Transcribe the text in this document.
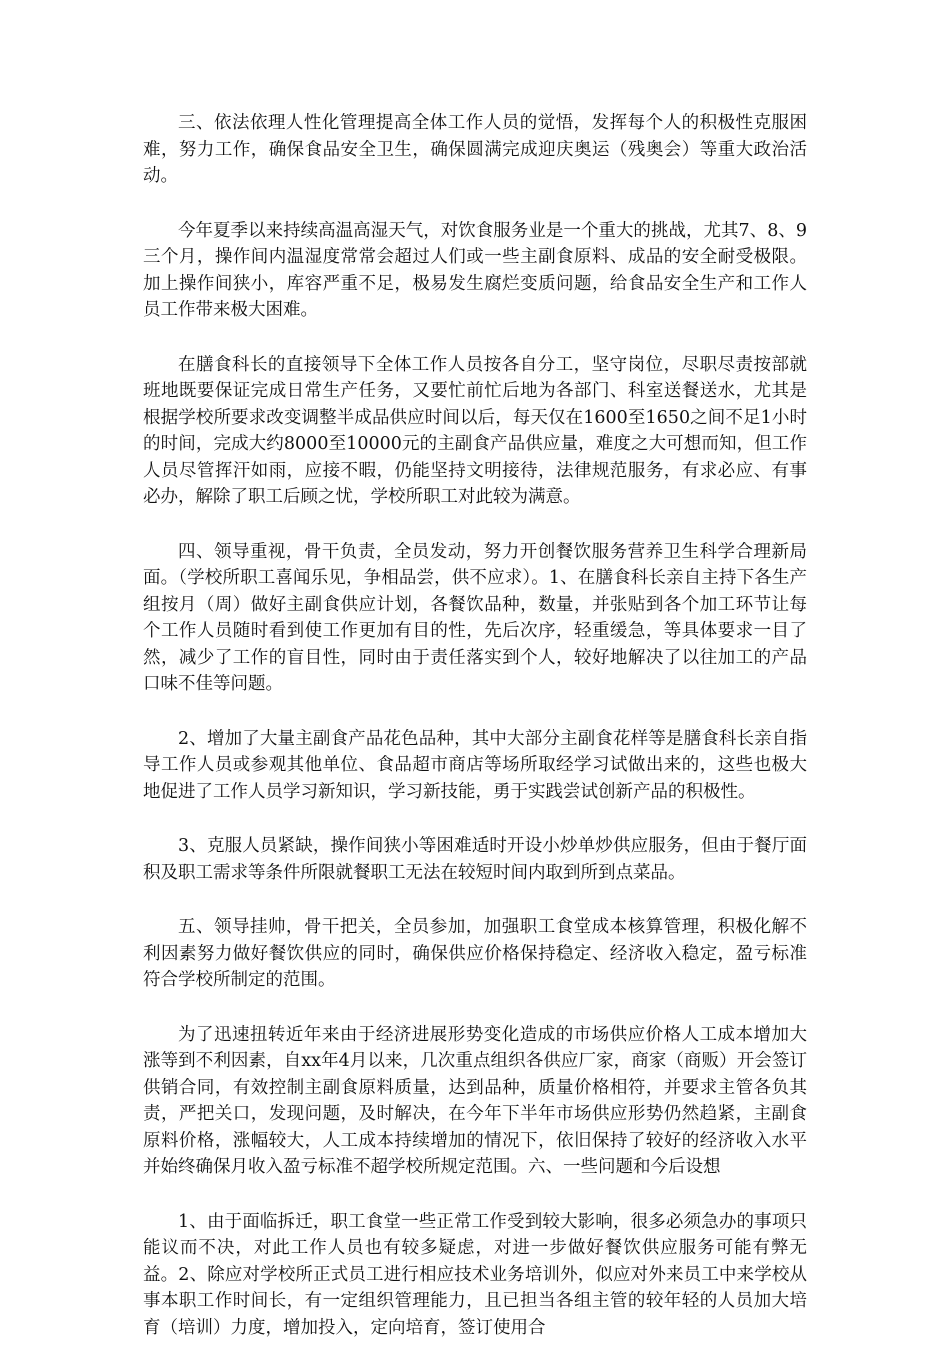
三、依法依理人性化管理提高全体工作人员的觉悟，发挥每个人的积极性克服困难，努力工作，确保食品安全卫生，确保圆满完成迎庆奥运（残奥会）等重大政治活动。

今年夏季以来持续高温高湿天气，对饮食服务业是一个重大的挑战，尤其7、8、9三个月，操作间内温湿度常常会超过人们或一些主副食原料、成品的安全耐受极限。加上操作间狭小，库容严重不足，极易发生腐烂变质问题，给食品安全生产和工作人员工作带来极大困难。

在膳食科长的直接领导下全体工作人员按各自分工，坚守岗位，尽职尽责按部就班地既要保证完成日常生产任务，又要忙前忙后地为各部门、科室送餐送水，尤其是根据学校所要求改变调整半成品供应时间以后，每天仅在1600至1650之间不足1小时的时间，完成大约8000至10000元的主副食产品供应量，难度之大可想而知，但工作人员尽管挥汗如雨，应接不暇，仍能坚持文明接待，法律规范服务，有求必应、有事必办，解除了职工后顾之忧，学校所职工对此较为满意。

四、领导重视，骨干负责，全员发动，努力开创餐饮服务营养卫生科学合理新局面。（学校所职工喜闻乐见，争相品尝，供不应求）。1、在膳食科长亲自主持下各生产组按月（周）做好主副食供应计划，各餐饮品种，数量，并张贴到各个加工环节让每个工作人员随时看到使工作更加有目的性，先后次序，轻重缓急，等具体要求一目了然，减少了工作的盲目性，同时由于责任落实到个人，较好地解决了以往加工的产品口味不佳等问题。

2、增加了大量主副食产品花色品种，其中大部分主副食花样等是膳食科长亲自指导工作人员或参观其他单位、食品超市商店等场所取经学习试做出来的，这些也极大地促进了工作人员学习新知识，学习新技能，勇于实践尝试创新产品的积极性。

3、克服人员紧缺，操作间狭小等困难适时开设小炒单炒供应服务，但由于餐厅面积及职工需求等条件所限就餐职工无法在较短时间内取到所到点菜品。

五、领导挂帅，骨干把关，全员参加，加强职工食堂成本核算管理，积极化解不利因素努力做好餐饮供应的同时，确保供应价格保持稳定、经济收入稳定，盈亏标准符合学校所制定的范围。

为了迅速扭转近年来由于经济进展形势变化造成的市场供应价格人工成本增加大涨等到不利因素，自xx年4月以来，几次重点组织各供应厂家，商家（商贩）开会签订供销合同，有效控制主副食原料质量，达到品种，质量价格相符，并要求主管各负其责，严把关口，发现问题，及时解决，在今年下半年市场供应形势仍然趋紧，主副食原料价格，涨幅较大，人工成本持续增加的情况下，依旧保持了较好的经济收入水平并始终确保月收入盈亏标准不超学校所规定范围。六、一些问题和今后设想

1、由于面临拆迁，职工食堂一些正常工作受到较大影响，很多必须急办的事项只能议而不决，对此工作人员也有较多疑虑，对进一步做好餐饮供应服务可能有弊无益。2、除应对学校所正式员工进行相应技术业务培训外，似应对外来员工中来学校从事本职工作时间长，有一定组织管理能力，且已担当各组主管的较年轻的人员加大培育（培训）力度，增加投入，定向培育，签订使用合
